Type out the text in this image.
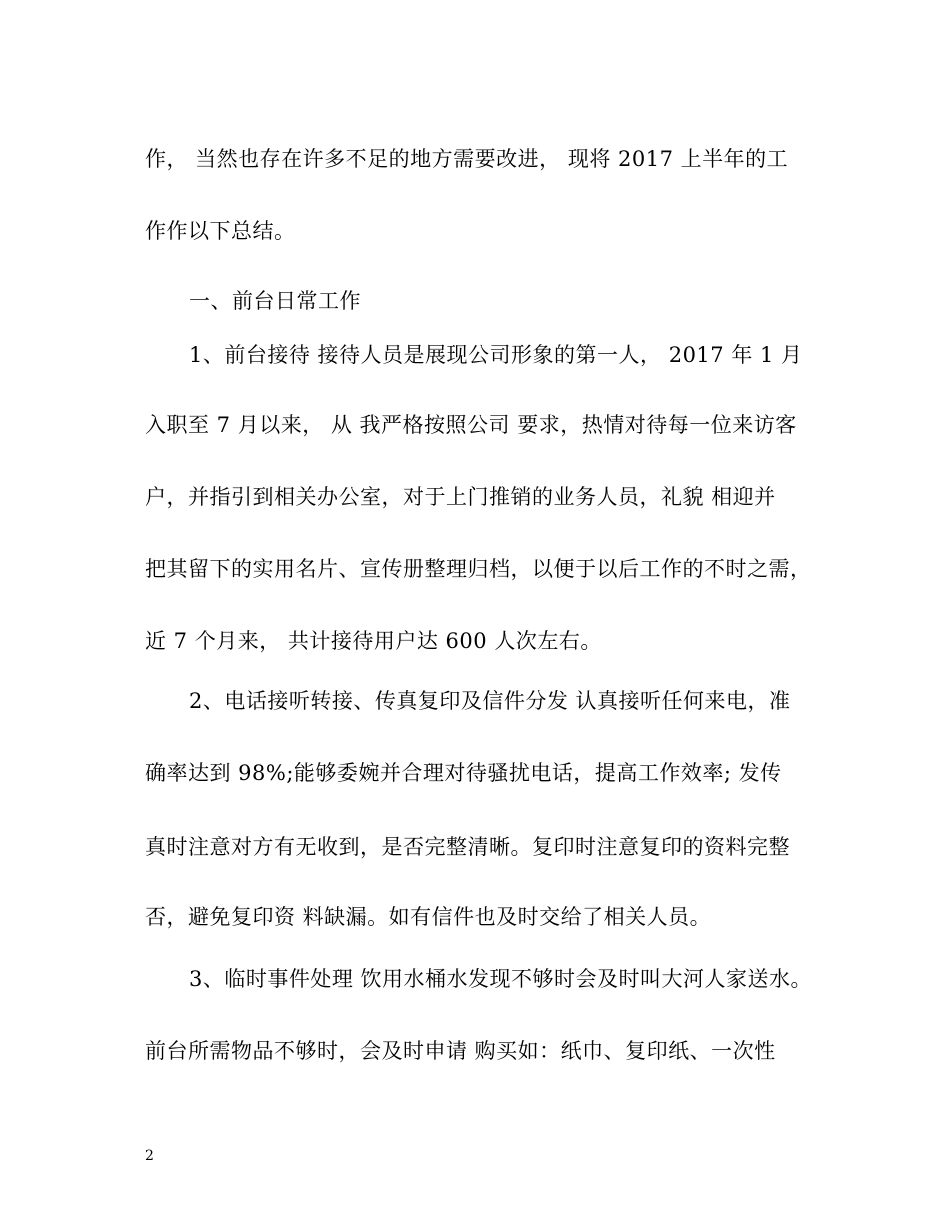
作， 当然也存在许多不足的地方需要改进， 现将 2017 上半年的工
作作以下总结。
一、前台日常工作
1、前台接待 接待人员是展现公司形象的第一人， 2017 年 1 月
入职至 7 月以来， 从 我严格按照公司 要求，热情对待每一位来访客
户，并指引到相关办公室，对于上门推销的业务人员，礼貌 相迎并
把其留下的实用名片、宣传册整理归档，以便于以后工作的不时之需，
近 7 个月来， 共计接待用户达 600 人次左右。
2、电话接听转接、传真复印及信件分发 认真接听任何来电，准
确率达到 98%;能够委婉并合理对待骚扰电话，提高工作效率; 发传
真时注意对方有无收到，是否完整清晰。复印时注意复印的资料完整
否，避免复印资 料缺漏。如有信件也及时交给了相关人员。
3、临时事件处理 饮用水桶水发现不够时会及时叫大河人家送水。
前台所需物品不够时，会及时申请 购买如：纸巾、复印纸、一次性
2
